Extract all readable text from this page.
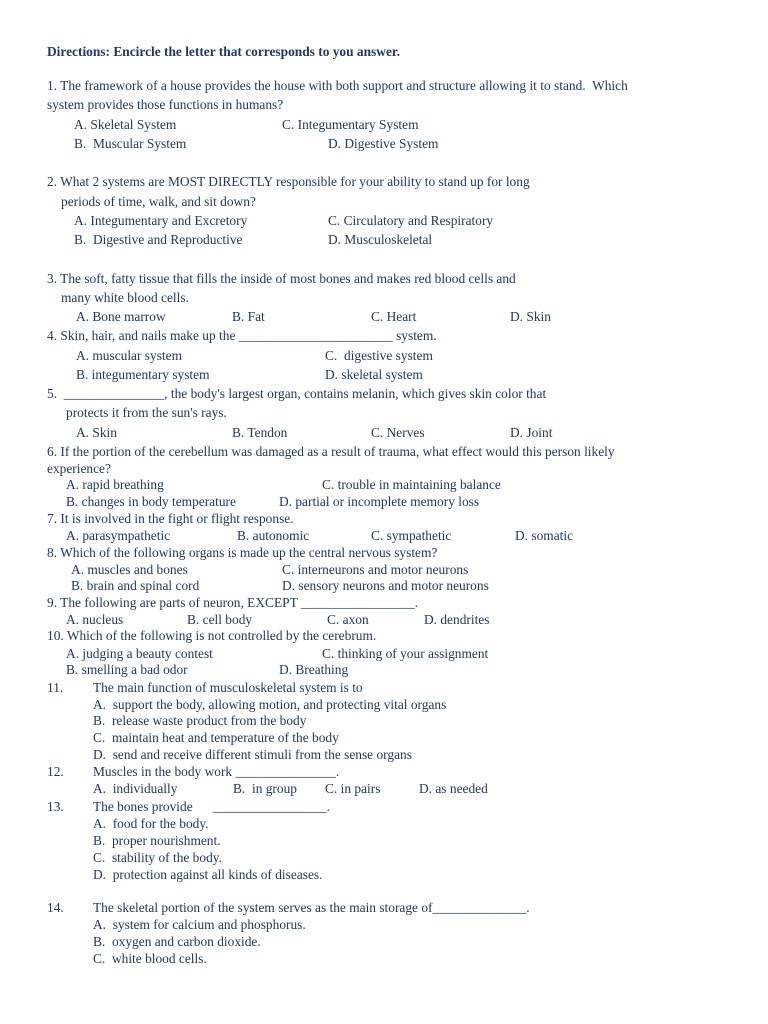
Directions: Encircle the letter that corresponds to you answer.
1. The framework of a house provides the house with both support and structure allowing it to stand.  Which
system provides those functions in humans?
A. Skeletal System	C. Integumentary System
B.  Muscular System	D. Digestive System
2. What 2 systems are MOST DIRECTLY responsible for your ability to stand up for long
periods of time, walk, and sit down?
A. Integumentary and Excretory	C. Circulatory and Respiratory
B.  Digestive and Reproductive	D. Musculoskeletal
3. The soft, fatty tissue that fills the inside of most bones and makes red blood cells and
many white blood cells.
A. Bone marrow	B. Fat	C. Heart	D. Skin
4. Skin, hair, and nails make up the _______________________ system.
A. muscular system	C.  digestive system
B. integumentary system	D. skeletal system
5.  _______________, the body's largest organ, contains melanin, which gives skin color that
protects it from the sun's rays.
A. Skin	B. Tendon	C. Nerves	D. Joint
6. If the portion of the cerebellum was damaged as a result of trauma, what effect would this person likely
experience?
A. rapid breathing	C. trouble in maintaining balance
B. changes in body temperature	D. partial or incomplete memory loss
7. It is involved in the fight or flight response.
A. parasympathetic	B. autonomic	C. sympathetic	D. somatic
8. Which of the following organs is made up the central nervous system?
A. muscles and bones	C. interneurons and motor neurons
B. brain and spinal cord	D. sensory neurons and motor neurons
9. The following are parts of neuron, EXCEPT _________________.
A. nucleus	B. cell body	C. axon	D. dendrites
10. Which of the following is not controlled by the cerebrum.
A. judging a beauty contest	C. thinking of your assignment
B. smelling a bad odor	D. Breathing
11. The main function of musculoskeletal system is to
A.  support the body, allowing motion, and protecting vital organs
B.  release waste product from the body
C.  maintain heat and temperature of the body
D.  send and receive different stimuli from the sense organs
12. Muscles in the body work _______________.
A.  individually	B.  in group C. in pairs	D. as needed
13. The bones provide      _________________.
A.  food for the body.
B.  proper nourishment.
C.  stability of the body.
D.  protection against all kinds of diseases.
14. The skeletal portion of the system serves as the main storage of______________.
A.  system for calcium and phosphorus.
B.  oxygen and carbon dioxide.
C.  white blood cells.
